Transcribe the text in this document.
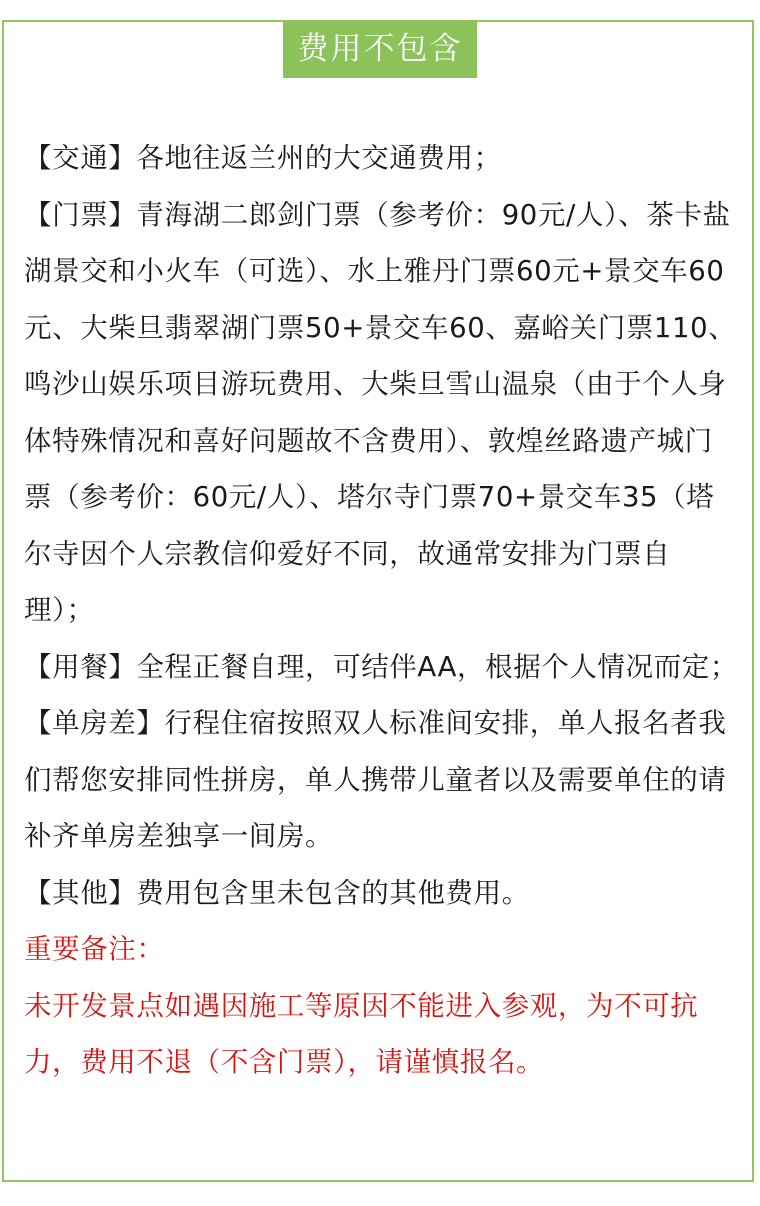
费用不包含

【交通】各地往返兰州的大交通费用；

【门票】青海湖二郎剑门票（参考价：90元/人）、茶卡盐湖景交和小火车（可选）、水上雅丹门票60元+景交车60元、大柴旦翡翠湖门票50+景交车60、嘉峪关门票110、鸣沙山娱乐项目游玩费用、大柴旦雪山温泉（由于个人身体特殊情况和喜好问题故不含费用）、敦煌丝路遗产城门票（参考价：60元/人）、塔尔寺门票70+景交车35（塔尔寺因个人宗教信仰爱好不同，故通常安排为门票自理）；

【用餐】全程正餐自理，可结伴AA，根据个人情况而定；

【单房差】行程住宿按照双人标准间安排，单人报名者我们帮您安排同性拼房，单人携带儿童者以及需要单住的请补齐单房差独享一间房。

【其他】费用包含里未包含的其他费用。

重要备注：

未开发景点如遇因施工等原因不能进入参观，为不可抗力，费用不退（不含门票），请谨慎报名。
